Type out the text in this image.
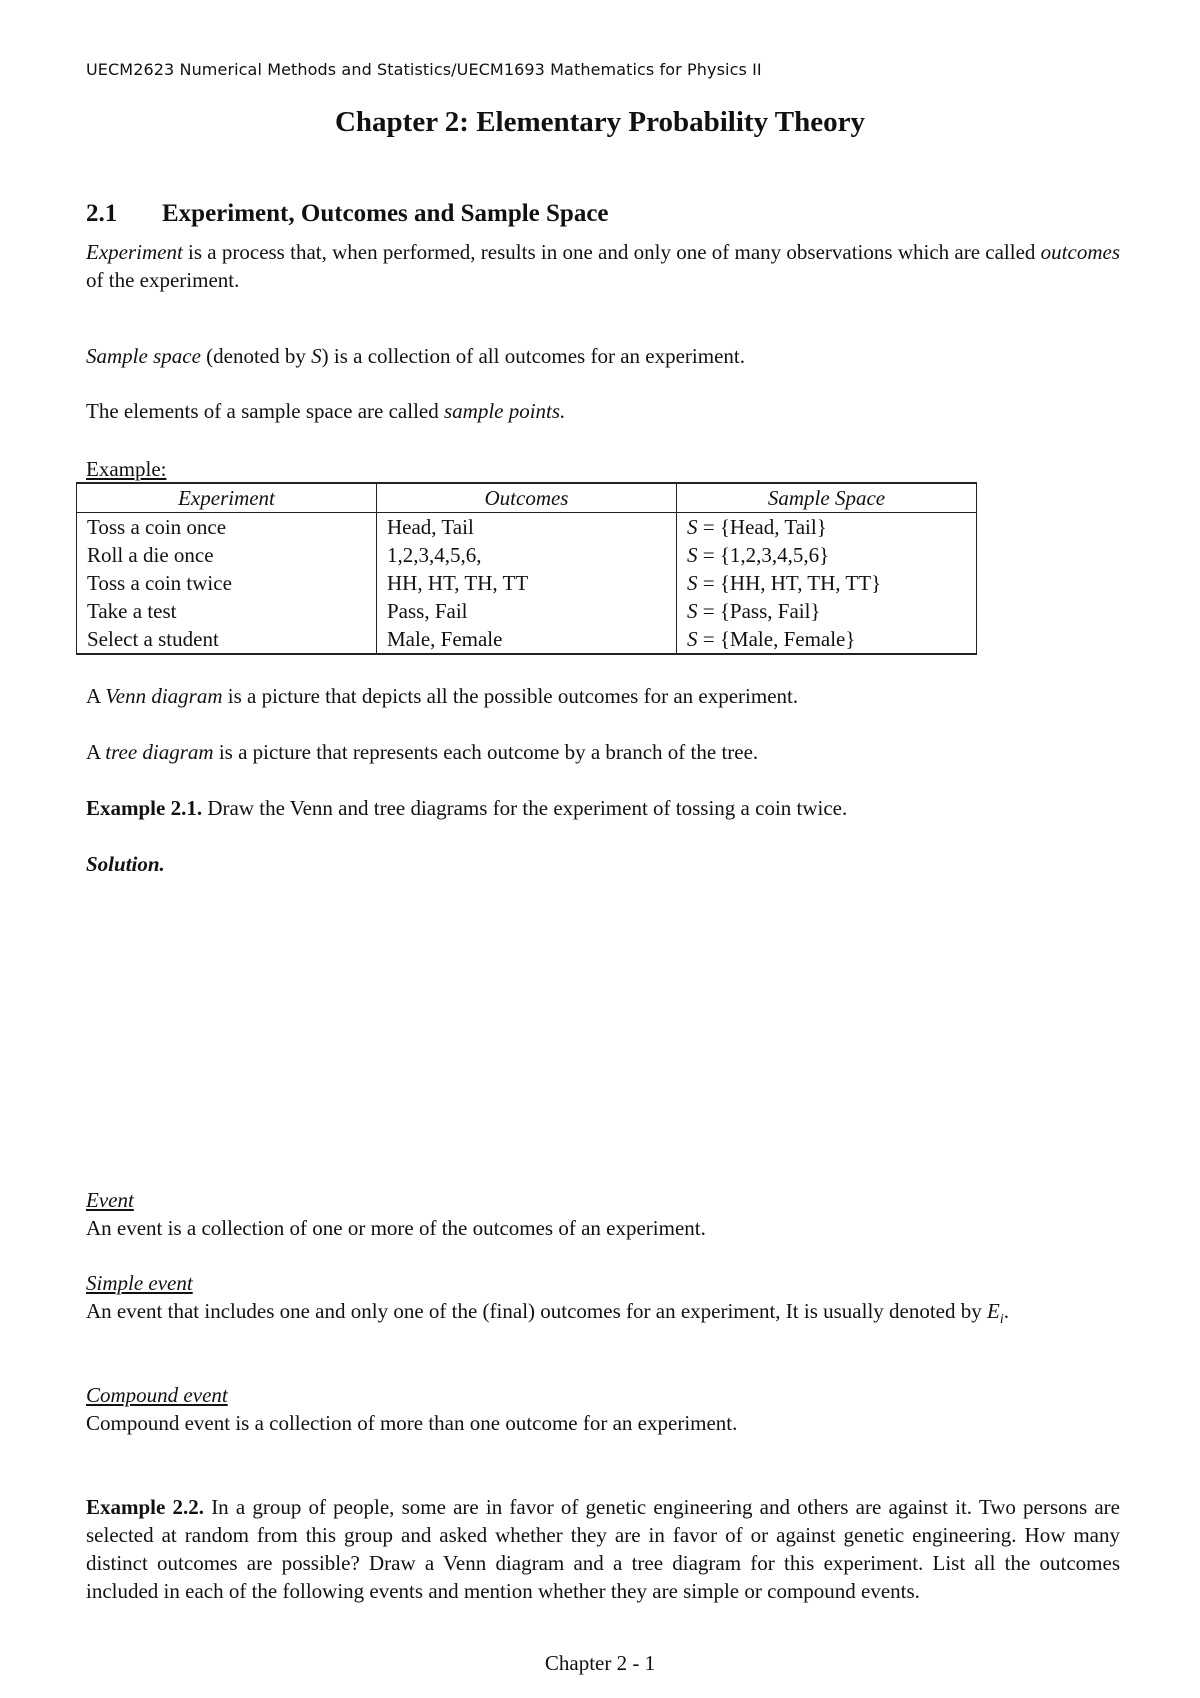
UECM2623 Numerical Methods and Statistics/UECM1693 Mathematics for Physics II
Chapter 2: Elementary Probability Theory
2.1 Experiment, Outcomes and Sample Space
Experiment is a process that, when performed, results in one and only one of many observations which are called outcomes of the experiment.
Sample space (denoted by S) is a collection of all outcomes for an experiment.
The elements of a sample space are called sample points.
Example:
Experiment	Outcomes	Sample Space
Toss a coin once	Head, Tail	S = {Head, Tail}
Roll a die once	1,2,3,4,5,6,	S = {1,2,3,4,5,6}
Toss a coin twice	HH, HT, TH, TT	S = {HH, HT, TH, TT}
Take a test	Pass, Fail	S = {Pass, Fail}
Select a student	Male, Female	S = {Male, Female}
A Venn diagram is a picture that depicts all the possible outcomes for an experiment.
A tree diagram is a picture that represents each outcome by a branch of the tree.
Example 2.1. Draw the Venn and tree diagrams for the experiment of tossing a coin twice.
Solution.
Event
An event is a collection of one or more of the outcomes of an experiment.
Simple event
An event that includes one and only one of the (final) outcomes for an experiment, It is usually denoted by $E_i$.
Compound event
Compound event is a collection of more than one outcome for an experiment.
Example 2.2. In a group of people, some are in favor of genetic engineering and others are against it. Two persons are selected at random from this group and asked whether they are in favor of or against genetic engineering. How many distinct outcomes are possible? Draw a Venn diagram and a tree diagram for this experiment. List all the outcomes included in each of the following events and mention whether they are simple or compound events.
Chapter 2 - 1
